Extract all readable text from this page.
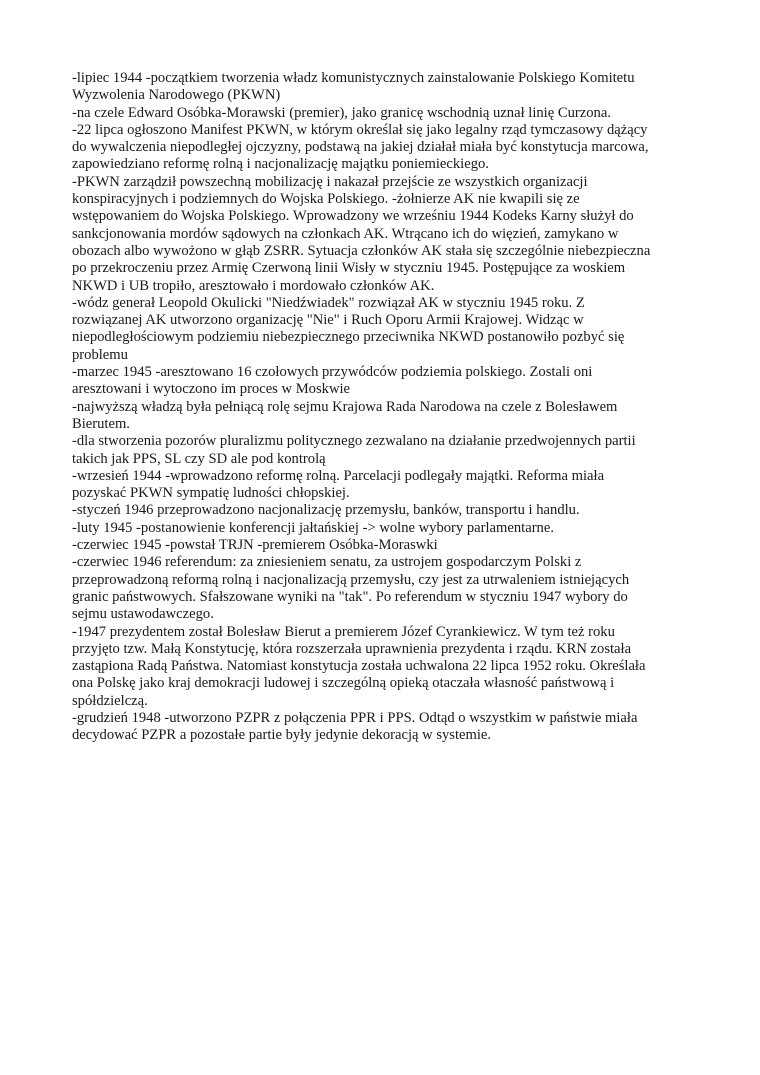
-lipiec 1944 -początkiem tworzenia władz komunistycznych zainstalowanie Polskiego Komitetu
Wyzwolenia Narodowego (PKWN)

-na czele Edward Osóbka-Morawski (premier), jako granicę wschodnią uznał linię Curzona.

-22 lipca ogłoszono Manifest PKWN, w którym określał się jako legalny rząd tymczasowy dążący
do wywalczenia niepodległej ojczyzny, podstawą na jakiej działał miała być konstytucja marcowa,
zapowiedziano reformę rolną i nacjonalizację majątku poniemieckiego.

-PKWN zarządził powszechną mobilizację i nakazał przejście ze wszystkich organizacji
konspiracyjnych i podziemnych do Wojska Polskiego. -żołnierze AK nie kwapili się ze
wstępowaniem do Wojska Polskiego. Wprowadzony we wrześniu 1944 Kodeks Karny służył do
sankcjonowania mordów sądowych na członkach AK. Wtrącano ich do więzień, zamykano w
obozach albo wywożono w głąb ZSRR. Sytuacja członków AK stała się szczególnie niebezpieczna
po przekroczeniu przez Armię Czerwoną linii Wisły w styczniu 1945. Postępujące za woskiem
NKWD i UB tropiło, aresztowało i mordowało członków AK.

-wódz generał Leopold Okulicki "Niedźwiadek" rozwiązał AK w styczniu 1945 roku. Z
rozwiązanej AK utworzono organizację "Nie" i Ruch Oporu Armii Krajowej. Widząc w
niepodległościowym podziemiu niebezpiecznego przeciwnika NKWD postanowiło pozbyć się
problemu

-marzec 1945 -aresztowano 16 czołowych przywódców podziemia polskiego. Zostali oni
aresztowani i wytoczono im proces w Moskwie

-najwyższą władzą była pełniącą rolę sejmu Krajowa Rada Narodowa na czele z Bolesławem
Bierutem.

-dla stworzenia pozorów pluralizmu politycznego zezwalano na działanie przedwojennych partii
takich jak PPS, SL czy SD ale pod kontrolą

-wrzesień 1944 -wprowadzono reformę rolną. Parcelacji podlegały majątki. Reforma miała
pozyskać PKWN sympatię ludności chłopskiej.

-styczeń 1946 przeprowadzono nacjonalizację przemysłu, banków, transportu i handlu.

-luty 1945 -postanowienie konferencji jałtańskiej -> wolne wybory parlamentarne.

-czerwiec 1945 -powstał TRJN -premierem Osóbka-Moraswki

-czerwiec 1946 referendum: za zniesieniem senatu, za ustrojem gospodarczym Polski z
przeprowadzoną reformą rolną i nacjonalizacją przemysłu, czy jest za utrwaleniem istniejących
granic państwowych. Sfałszowane wyniki na "tak". Po referendum w styczniu 1947 wybory do
sejmu ustawodawczego.

-1947 prezydentem został Bolesław Bierut a premierem Józef Cyrankiewicz. W tym też roku
przyjęto tzw. Małą Konstytucję, która rozszerzała uprawnienia prezydenta i rządu. KRN została
zastąpiona Radą Państwa. Natomiast konstytucja została uchwalona 22 lipca 1952 roku. Określała
ona Polskę jako kraj demokracji ludowej i szczególną opieką otaczała własność państwową i
spółdzielczą.

-grudzień 1948 -utworzono PZPR z połączenia PPR i PPS. Odtąd o wszystkim w państwie miała
decydować PZPR a pozostałe partie były jedynie dekoracją w systemie.
